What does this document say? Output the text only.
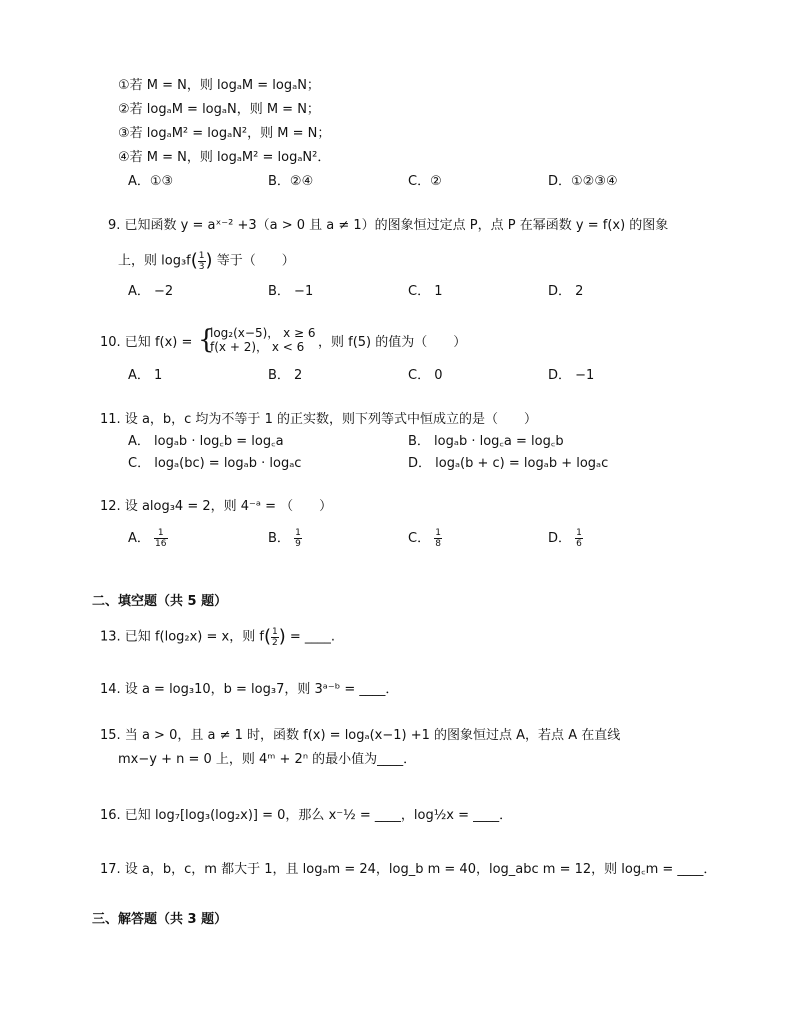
①若 M = N，则 logₐM = logₐN；
②若 logₐM = logₐN，则 M = N；
③若 logₐM² = logₐN²，则 M = N；
④若 M = N，则 logₐM² = logₐN²．
A．①③	B．②④	C．②	D．①②③④
9. 已知函数 y = aˣ⁻² +3（a > 0 且 a ≠ 1）的图象恒过定点 P，点 P 在幂函数 y = f(x) 的图象
上，则 $\log_3f( \frac{1}{3}$ ) 等于（　　）
A． −2	B． −1	C． 1	D． 2
10. 已知 f(x) = {
log₂(x−5)， x ≥ 6
f(x + 2)， x < 6 ，则 f(5) 的值为（　　）
A． 1	B． 2	C． 0	D． −1
11. 设 a，b，c 均为不等于 1 的正实数，则下列等式中恒成立的是（　　）
A． logₐb · log꜀b = log꜀a	B． logₐb · log꜀a = log꜀b
C． logₐ(bc) = logₐb · logₐc	D． logₐ(b + c) = logₐb + logₐc
12. 设 alog₃4 = 2，则 4⁻ᵃ = （　　）
A． $\frac{1}{16}$	B． $\frac{1}{9}$	C． $\frac{1}{8}$	D． $\frac{1}{6}$
二、填空题（共 5 题）
13. 已知 f(log₂x) = x，则 $f( \frac{1}{2}$ ) = ____.
14. 设 a = log₃10，b = log₃7，则 3ᵃ⁻ᵇ = ____．
15. 当 a > 0，且 a ≠ 1 时，函数 f(x) = logₐ(x−1) +1 的图象恒过点 A，若点 A 在直线
mx−y + n = 0 上，则 4ᵐ + 2ⁿ 的最小值为____．
16. 已知 log₇[log₃(log₂x)] = 0，那么 x⁻½ = ____，log½x = ____．
17. 设 a，b，c，m 都大于 1，且 logₐm = 24，log_b m = 40，log_abc m = 12，则 log꜀m = ____．
三、解答题（共 3 题）
